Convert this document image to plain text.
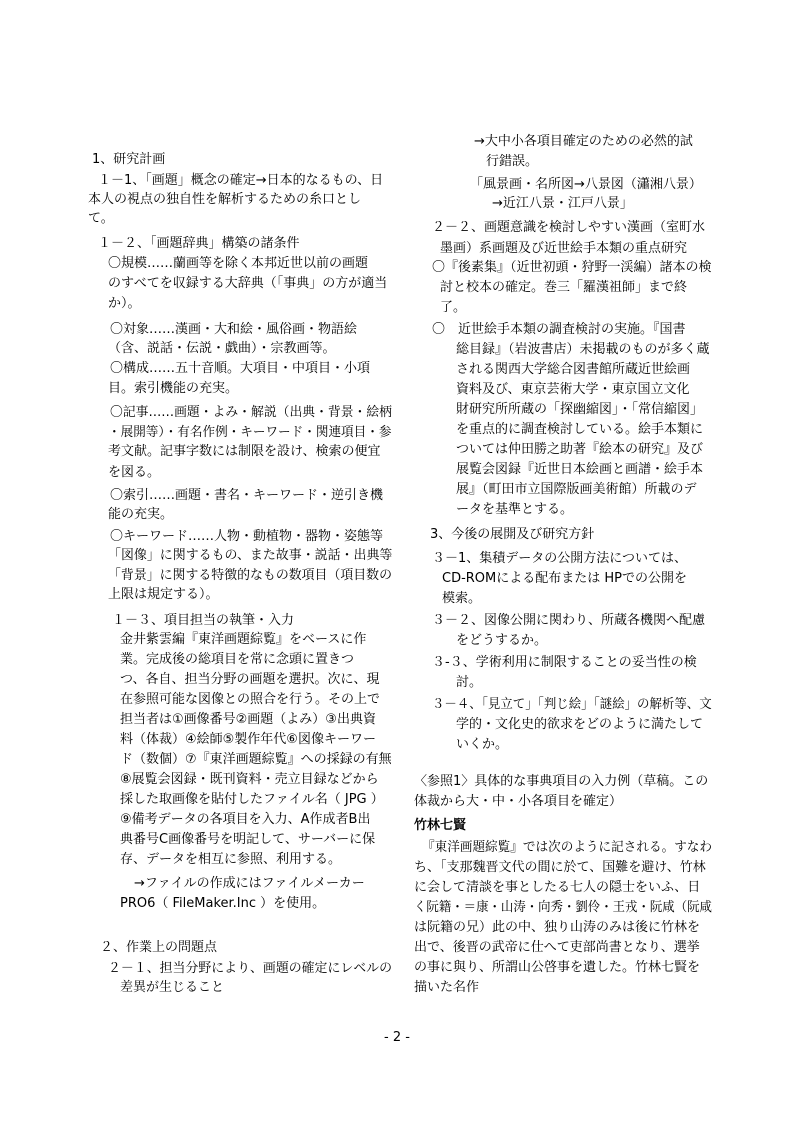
1、研究計画
１－1、「画題」概念の確定→日本的なるもの、日
本人の視点の独自性を解析するための糸口とし
て。
１－２、「画題辞典」構築の諸条件
〇規模……蘭画等を除く本邦近世以前の画題
のすべてを収録する大辞典（「事典」の方が適当
か）。
〇対象……漢画・大和絵・風俗画・物語絵
（含、説話・伝説・戯曲）・宗教画等。
〇構成……五十音順。大項目・中項目・小項
目。索引機能の充実。
〇記事……画題・よみ・解説（出典・背景・絵柄
・展開等）・有名作例・キーワード・関連項目・参
考文献。記事字数には制限を設け、検索の便宜
を図る。
〇索引……画題・書名・キーワード・逆引き機
能の充実。
〇キーワード……人物・動植物・器物・姿態等
「図像」に関するもの、また故事・説話・出典等
「背景」に関する特徴的なもの数項目（項目数の
上限は規定する）。
１－３、項目担当の執筆・入力
金井紫雲編『東洋画題綜覧』をベースに作
業。完成後の総項目を常に念頭に置きつ
つ、各自、担当分野の画題を選択。次に、現
在参照可能な図像との照合を行う。その上で
担当者は①画像番号②画題（よみ）③出典資
料（体裁）④絵師⑤製作年代⑥図像キーワー
ド（数個）⑦『東洋画題綜覧』への採録の有無
⑧展覧会図録・既刊資料・売立目録などから
採した取画像を貼付したファイル名（ JPG ）
⑨備考データの各項目を入力、A作成者B出
典番号C画像番号を明記して、サーバーに保
存、データを相互に参照、利用する。
→ファイルの作成にはファイルメーカー
PRO6（ FileMaker.Inc ）を使用。
２、作業上の問題点
２－１、担当分野により、画題の確定にレベルの
差異が生じること
→大中小各項目確定のための必然的試
行錯誤。
「風景画・名所図→八景図（瀟湘八景）
→近江八景・江戸八景」
２－２、画題意識を検討しやすい漢画（室町水
墨画）系画題及び近世絵手本類の重点研究
〇『後素集』（近世初頭・狩野一渓編）諸本の検
討と校本の確定。巻三「羅漢祖師」まで終
了。
〇　近世絵手本類の調査検討の実施。『国書
総目録』（岩波書店）未掲載のものが多く蔵
される関西大学総合図書館所蔵近世絵画
資料及び、東京芸術大学・東京国立文化
財研究所所蔵の「探幽縮図」・「常信縮図」
を重点的に調査検討している。絵手本類に
ついては仲田勝之助著『絵本の研究』及び
展覧会図録『近世日本絵画と画譜・絵手本
展』（町田市立国際版画美術館）所載のデ
ータを基準とする。
3、今後の展開及び研究方針
３－1、集積データの公開方法については、
CD-ROMによる配布または HPでの公開を
模索。
３－２、図像公開に関わり、所蔵各機関へ配慮
をどうするか。
３-３、学術利用に制限することの妥当性の検
討。
３－４、「見立て」「判じ絵」「謎絵」の解析等、文
学的・文化史的欲求をどのように満たして
いくか。
〈参照1〉具体的な事典項目の入力例（草稿。この
体裁から大・中・小各項目を確定）
竹林七賢
『東洋画題綜覧』では次のように記される。すなわ
ち、「支那魏晋文代の間に於て、国難を避け、竹林
に会して清談を事としたる七人の隠士をいふ、日
く阮籍・＝康・山涛・向秀・劉伶・王戎・阮咸（阮咸
は阮籍の兄）此の中、独り山涛のみは後に竹林を
出で、後晋の武帝に仕へて吏部尚書となり、選挙
の事に與り、所謂山公啓事を遺した。竹林七賢を
描いた名作
- 2 -
